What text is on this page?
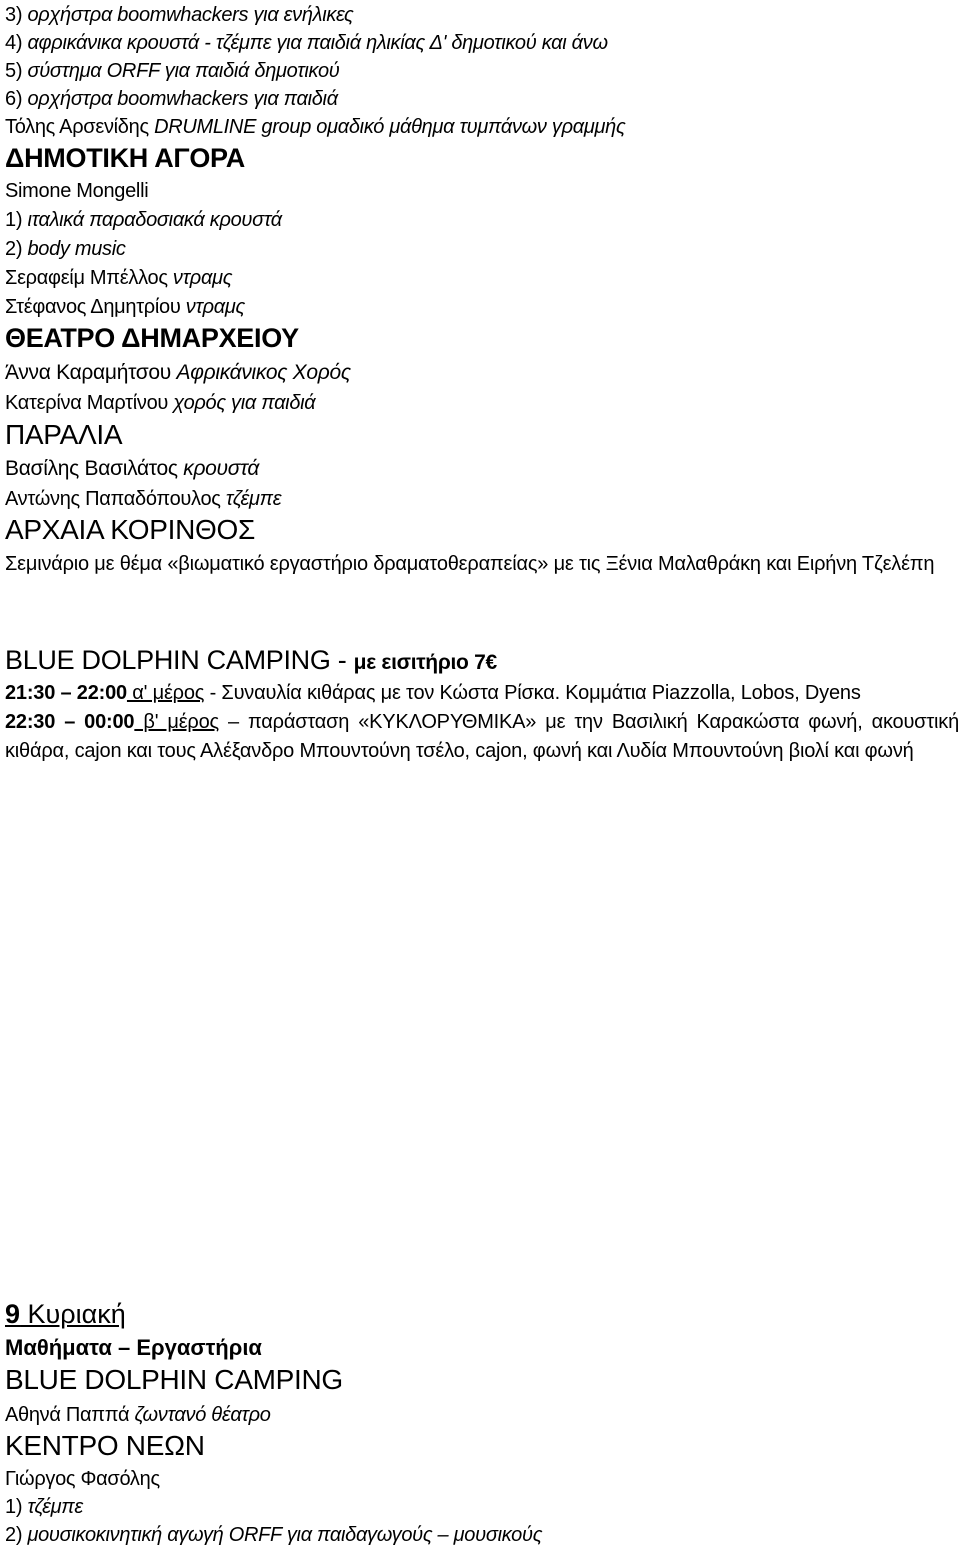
3) ορχήστρα boomwhackers για ενήλικες
4) αφρικάνικα κρουστά - τζέμπε για παιδιά ηλικίας Δ' δημοτικού και άνω
5) σύστημα ORFF για παιδιά δημοτικού
6) ορχήστρα boomwhackers για παιδιά
Τόλης Αρσενίδης DRUMLINE group ομαδικό μάθημα τυμπάνων γραμμής
ΔΗΜΟΤΙΚΗ ΑΓΟΡΑ
Simone Mongelli
1) ιταλικά παραδοσιακά κρουστά
2) body music
Σεραφείμ Μπέλλος ντραμς
Στέφανος Δημητρίου ντραμς
ΘΕΑΤΡΟ ΔΗΜΑΡΧΕΙΟΥ
Άννα Καραμήτσου Αφρικάνικος Χορός
Κατερίνα Μαρτίνου χορός για παιδιά
ΠΑΡΑΛΙΑ
Βασίλης Βασιλάτος κρουστά
Αντώνης Παπαδόπουλος τζέμπε
ΑΡΧΑΙΑ ΚΟΡΙΝΘΟΣ
Σεμινάριο με θέμα «βιωματικό εργαστήριο δραματοθεραπείας» με τις Ξένια Μαλαθράκη και Ειρήνη Τζελέπη
BLUE DOLPHIN CAMPING - με εισιτήριο 7€
21:30 – 22:00 α' μέρος - Συναυλία κιθάρας με τον Κώστα Ρίσκα. Κομμάτια Piazzolla, Lobos, Dyens
22:30 – 00:00 β' μέρος – παράσταση «ΚΥΚΛΟΡΥΘΜΙΚΑ» με την Βασιλική Καρακώστα φωνή, ακουστική κιθάρα, cajon και τους Αλέξανδρο Μπουντούνη τσέλο, cajon, φωνή και Λυδία Μπουντούνη βιολί και φωνή
9 Κυριακή
Μαθήματα – Εργαστήρια
BLUE DOLPHIN CAMPING
Αθηνά Παππά ζωντανό θέατρο
ΚΕΝΤΡΟ ΝΕΩΝ
Γιώργος Φασόλης
1) τζέμπε
2) μουσικοκινητική αγωγή ORFF για παιδαγωγούς – μουσικούς
